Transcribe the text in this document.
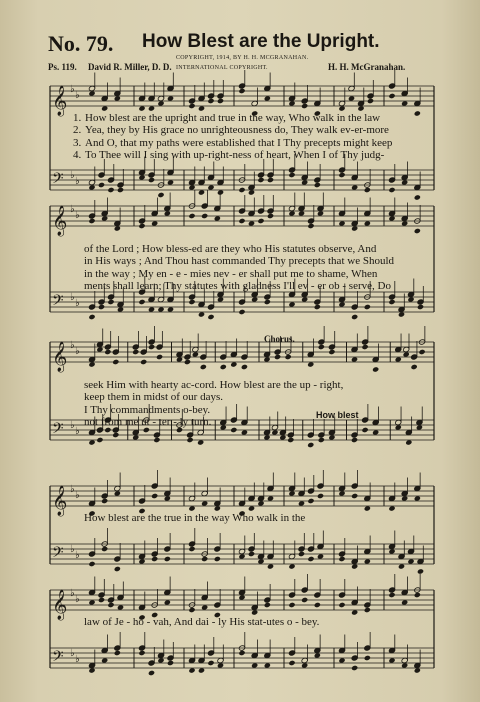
No. 79. How Blest are the Upright.
COPYRIGHT, 1914, BY H. H. MCGRANAHAN.
Ps. 119. David R. Miller, D. D. INTERNATIONAL COPYRIGHT.	H. H. McGranahan.
𝄞 ♭
♭
𝄢 ♭
♭
1. How blest are the upright and true in the way, Who walk in the law
2. Yea, they by His grace no unrighteousness do, They walk ev-er-more
3. And O, that my paths were established that I Thy precepts might keep
4. To Thee will I sing with up-right-ness of heart, When I of Thy judg-
𝄞 ♭
♭
𝄢 ♭
♭
of the Lord ; How bless-ed are they who His statutes observe, And
in His ways ; And Thou hast commanded Thy precepts that we Should
in the way ; My en - e - mies nev - er shall put me to shame, When
ments shall learn; Thy statutes with gladness I'll ev - er ob - serve, Do
Chorus.
𝄞 ♭
♭
𝄢 ♭
♭
seek Him with hearty ac-cord. How blest are the up - right,
keep them in midst of our days.
I Thy commandments o-bey.
not from me ut - ter - ly turn.
How blest
𝄞 ♭
♭
𝄢 ♭
♭
How blest are the true in the way Who walk in the
𝄞 ♭
♭
𝄢 ♭
♭
law of Je - ho - vah, And dai - ly His stat-utes o - bey.
